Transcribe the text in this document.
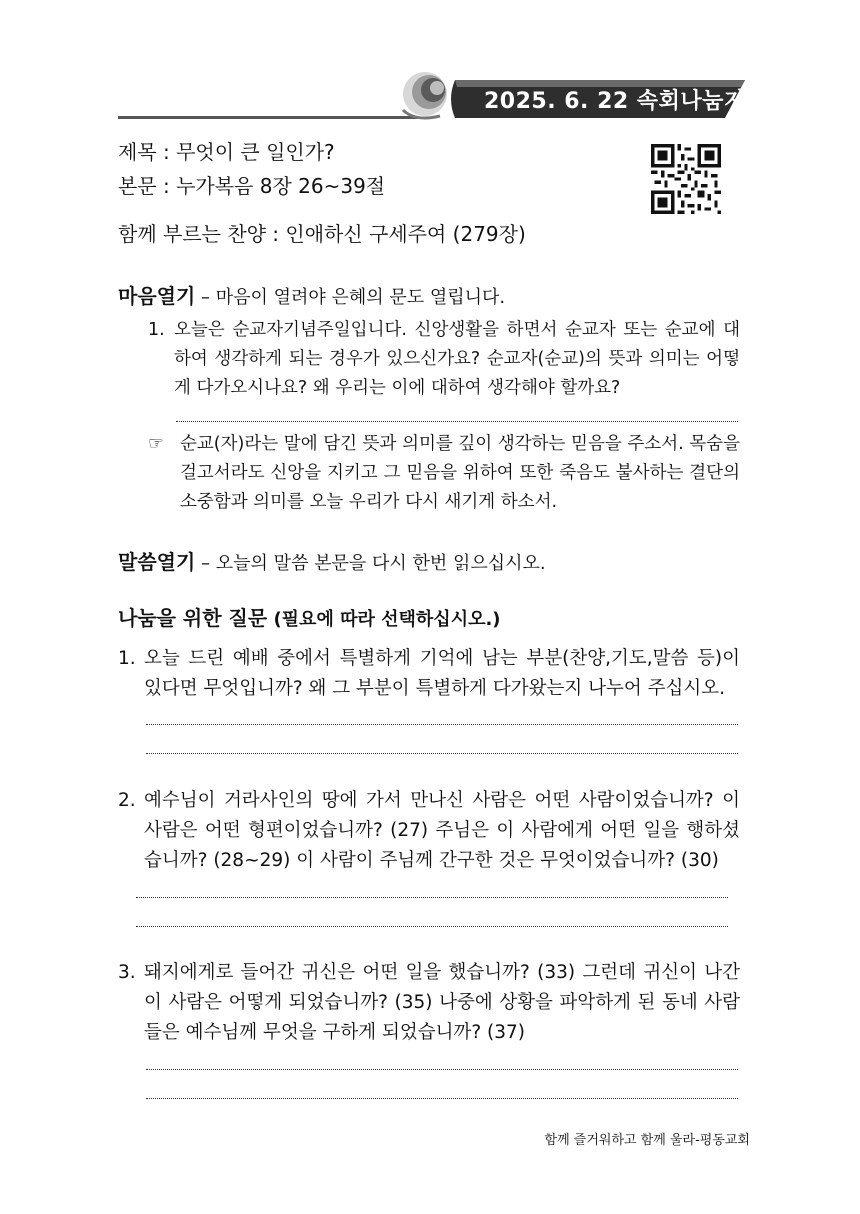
2025. 6. 22 속회나눔지
제목 : 무엇이 큰 일인가?
본문 : 누가복음 8장 26~39절
함께 부르는 찬양 : 인애하신 구세주여 (279장)
마음열기 – 마음이 열려야 은혜의 문도 열립니다.
1. 오늘은 순교자기념주일입니다. 신앙생활을 하면서 순교자 또는 순교에 대하여 생각하게 되는 경우가 있으신가요? 순교자(순교)의 뜻과 의미는 어떻게 다가오시나요? 왜 우리는 이에 대하여 생각해야 할까요?
☞ 순교(자)라는 말에 담긴 뜻과 의미를 깊이 생각하는 믿음을 주소서. 목숨을 걸고서라도 신앙을 지키고 그 믿음을 위하여 또한 죽음도 불사하는 결단의 소중함과 의미를 오늘 우리가 다시 새기게 하소서.
말씀열기 – 오늘의 말씀 본문을 다시 한번 읽으십시오.
나눔을 위한 질문 (필요에 따라 선택하십시오.)
1. 오늘 드린 예배 중에서 특별하게 기억에 남는 부분(찬양,기도,말씀 등)이 있다면 무엇입니까? 왜 그 부분이 특별하게 다가왔는지 나누어 주십시오.
2. 예수님이 거라사인의 땅에 가서 만나신 사람은 어떤 사람이었습니까? 이 사람은 어떤 형편이었습니까? (27) 주님은 이 사람에게 어떤 일을 행하셨습니까? (28~29) 이 사람이 주님께 간구한 것은 무엇이었습니까? (30)
3. 돼지에게로 들어간 귀신은 어떤 일을 했습니까? (33) 그런데 귀신이 나간 이 사람은 어떻게 되었습니까? (35) 나중에 상황을 파악하게 된 동네 사람들은 예수님께 무엇을 구하게 되었습니까? (37)
함께 즐거워하고 함께 울라-평동교회
